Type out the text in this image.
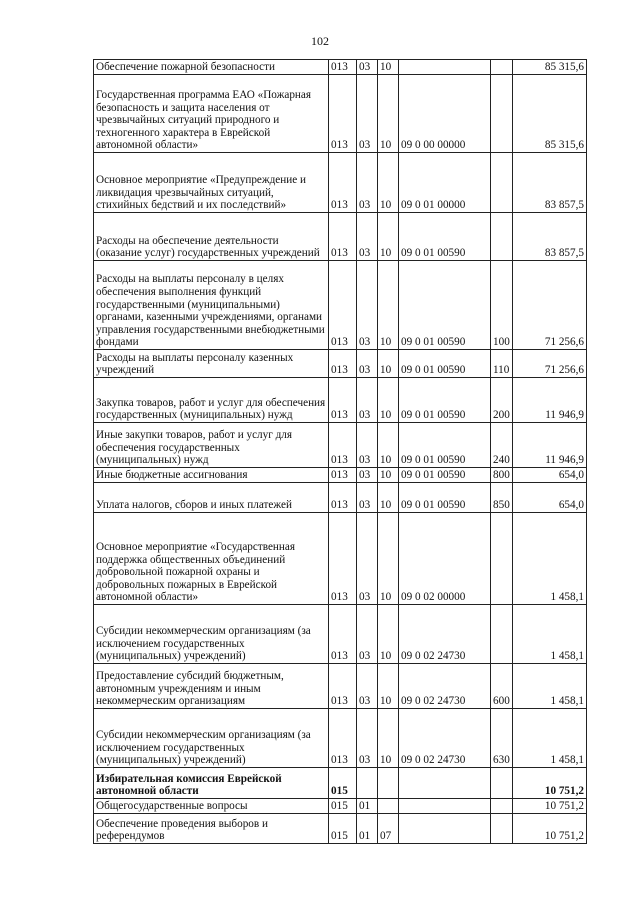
102
Обеспечение пожарной безопасности	013	03	10			85 315,6
Государственная программа ЕАО «Пожарная безопасность и защита населения от чрезвычайных ситуаций природного и техногенного характера в Еврейской автономной области»	013	03	10	09 0 00 00000		85 315,6
Основное мероприятие «Предупреждение и ликвидация чрезвычайных ситуаций, стихийных бедствий и их последствий»	013	03	10	09 0 01 00000		83 857,5
Расходы на обеспечение деятельности (оказание услуг) государственных учреждений	013	03	10	09 0 01 00590		83 857,5
Расходы на выплаты персоналу в целях обеспечения выполнения функций государственными (муниципальными) органами, казенными учреждениями, органами управления государственными внебюджетными фондами	013	03	10	09 0 01 00590	100	71 256,6
Расходы на выплаты персоналу казенных учреждений	013	03	10	09 0 01 00590	110	71 256,6
Закупка товаров, работ и услуг для обеспечения государственных (муниципальных) нужд	013	03	10	09 0 01 00590	200	11 946,9
Иные закупки товаров, работ и услуг для обеспечения государственных (муниципальных) нужд	013	03	10	09 0 01 00590	240	11 946,9
Иные бюджетные ассигнования	013	03	10	09 0 01 00590	800	654,0
Уплата налогов, сборов и иных платежей	013	03	10	09 0 01 00590	850	654,0
Основное мероприятие «Государственная поддержка общественных объединений добровольной пожарной охраны и добровольных пожарных в Еврейской автономной области»	013	03	10	09 0 02 00000		1 458,1
Субсидии некоммерческим организациям (за исключением государственных (муниципальных) учреждений)	013	03	10	09 0 02 24730		1 458,1
Предоставление субсидий бюджетным, автономным учреждениям и иным некоммерческим организациям	013	03	10	09 0 02 24730	600	1 458,1
Субсидии некоммерческим организациям (за исключением государственных (муниципальных) учреждений)	013	03	10	09 0 02 24730	630	1 458,1
Избирательная комиссия Еврейской автономной области	015					10 751,2
Общегосударственные вопросы	015	01				10 751,2
Обеспечение проведения выборов и референдумов	015	01	07			10 751,2
